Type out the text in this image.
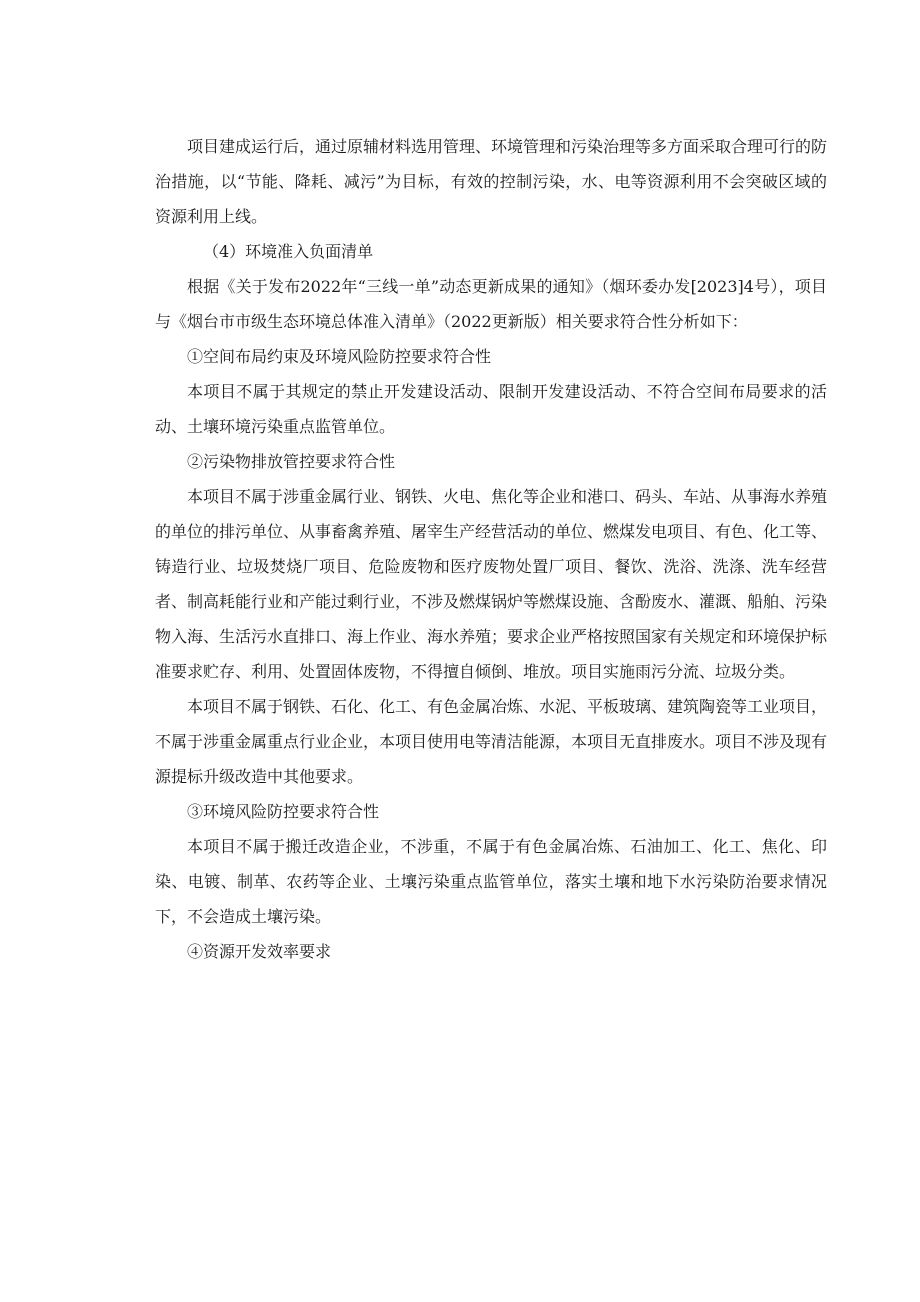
项目建成运行后，通过原辅材料选用管理、环境管理和污染治理等多方面采取合理可行的防治措施，以“节能、降耗、减污”为目标，有效的控制污染，水、电等资源利用不会突破区域的资源利用上线。

（4）环境准入负面清单

根据《关于发布2022年“三线一单”动态更新成果的通知》（烟环委办发[2023]4号），项目与《烟台市市级生态环境总体准入清单》（2022更新版）相关要求符合性分析如下：

①空间布局约束及环境风险防控要求符合性

本项目不属于其规定的禁止开发建设活动、限制开发建设活动、不符合空间布局要求的活动、土壤环境污染重点监管单位。

②污染物排放管控要求符合性

本项目不属于涉重金属行业、钢铁、火电、焦化等企业和港口、码头、车站、从事海水养殖的单位的排污单位、从事畜禽养殖、屠宰生产经营活动的单位、燃煤发电项目、有色、化工等、铸造行业、垃圾焚烧厂项目、危险废物和医疗废物处置厂项目、餐饮、洗浴、洗涤、洗车经营者、制高耗能行业和产能过剩行业，不涉及燃煤锅炉等燃煤设施、含酚废水、灌溉、船舶、污染物入海、生活污水直排口、海上作业、海水养殖；要求企业严格按照国家有关规定和环境保护标准要求贮存、利用、处置固体废物，不得擅自倾倒、堆放。项目实施雨污分流、垃圾分类。

本项目不属于钢铁、石化、化工、有色金属冶炼、水泥、平板玻璃、建筑陶瓷等工业项目，不属于涉重金属重点行业企业，本项目使用电等清洁能源，本项目无直排废水。项目不涉及现有源提标升级改造中其他要求。

③环境风险防控要求符合性

本项目不属于搬迁改造企业，不涉重，不属于有色金属冶炼、石油加工、化工、焦化、印染、电镀、制革、农药等企业、土壤污染重点监管单位，落实土壤和地下水污染防治要求情况下，不会造成土壤污染。

④资源开发效率要求
